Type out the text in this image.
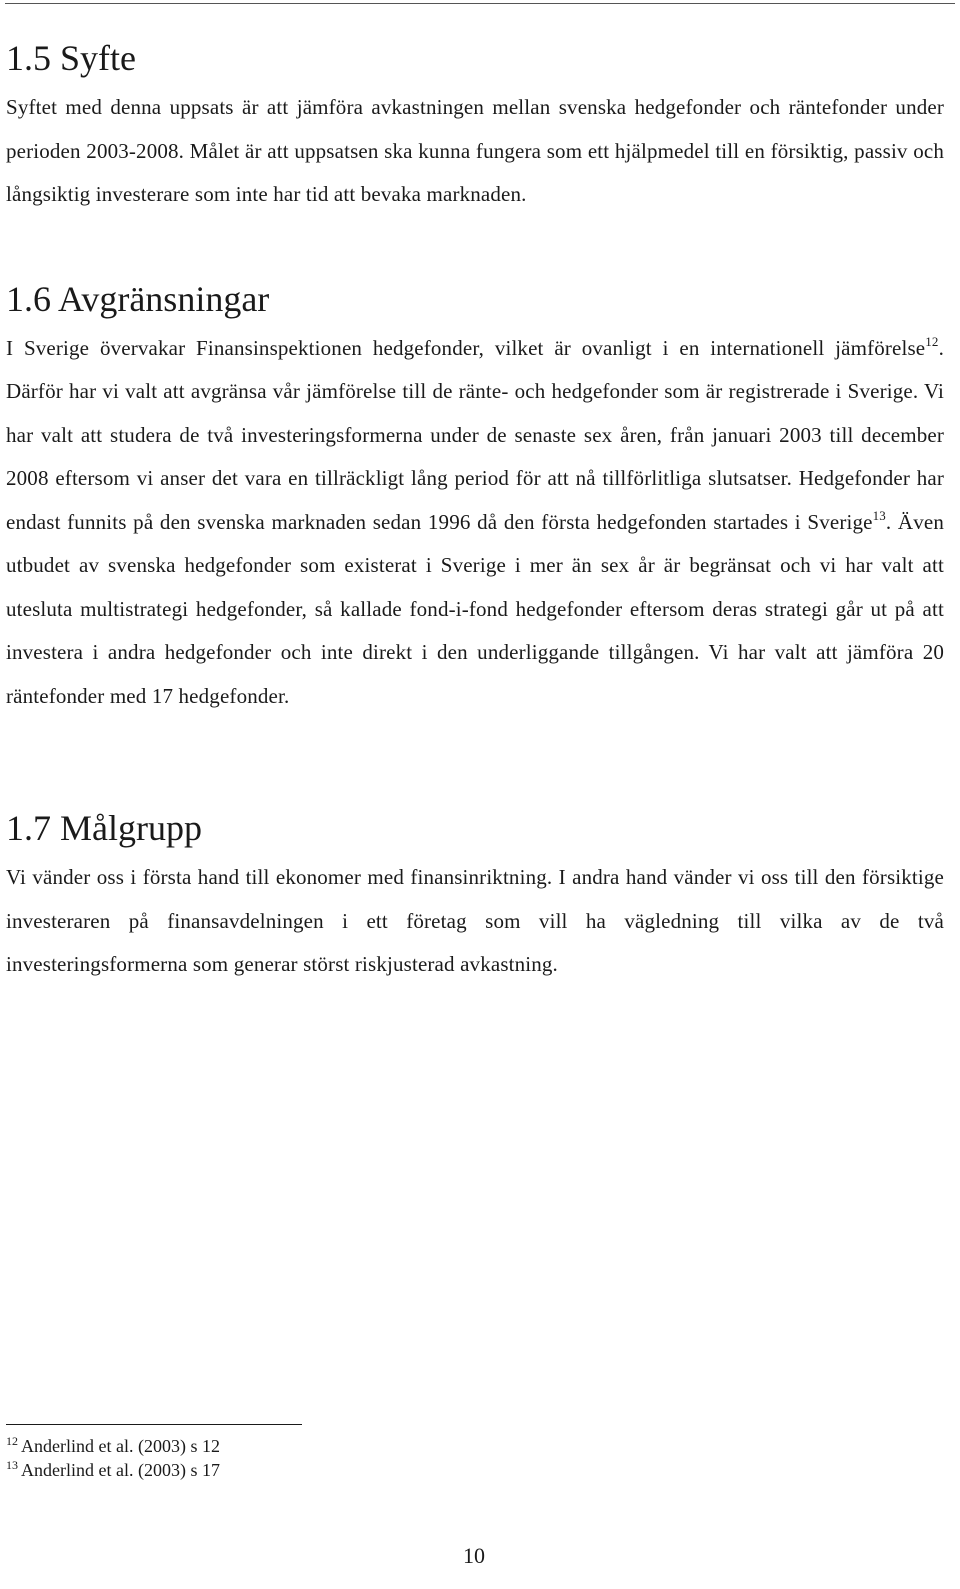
1.5 Syfte

Syftet med denna uppsats är att jämföra avkastningen mellan svenska hedgefonder och räntefonder under perioden 2003-2008. Målet är att uppsatsen ska kunna fungera som ett hjälpmedel till en försiktig, passiv och långsiktig investerare som inte har tid att bevaka marknaden.

1.6 Avgränsningar

I Sverige övervakar Finansinspektionen hedgefonder, vilket är ovanligt i en internationell jämförelse$^{12}$. Därför har vi valt att avgränsa vår jämförelse till de ränte- och hedgefonder som är registrerade i Sverige. Vi har valt att studera de två investeringsformerna under de senaste sex åren, från januari 2003 till december 2008 eftersom vi anser det vara en tillräckligt lång period för att nå tillförlitliga slutsatser. Hedgefonder har endast funnits på den svenska marknaden sedan 1996 då den första hedgefonden startades i Sverige$^{13}$. Även utbudet av svenska hedgefonder som existerat i Sverige i mer än sex år är begränsat och vi har valt att utesluta multistrategi hedgefonder, så kallade fond-i-fond hedgefonder eftersom deras strategi går ut på att investera i andra hedgefonder och inte direkt i den underliggande tillgången. Vi har valt att jämföra 20 räntefonder med 17 hedgefonder.

1.7 Målgrupp

Vi vänder oss i första hand till ekonomer med finansinriktning. I andra hand vänder vi oss till den försiktige investeraren på finansavdelningen i ett företag som vill ha vägledning till vilka av de två investeringsformerna som generar störst riskjusterad avkastning.

$^{12}$ Anderlind et al. (2003) s 12
$^{13}$ Anderlind et al. (2003) s 17
10
